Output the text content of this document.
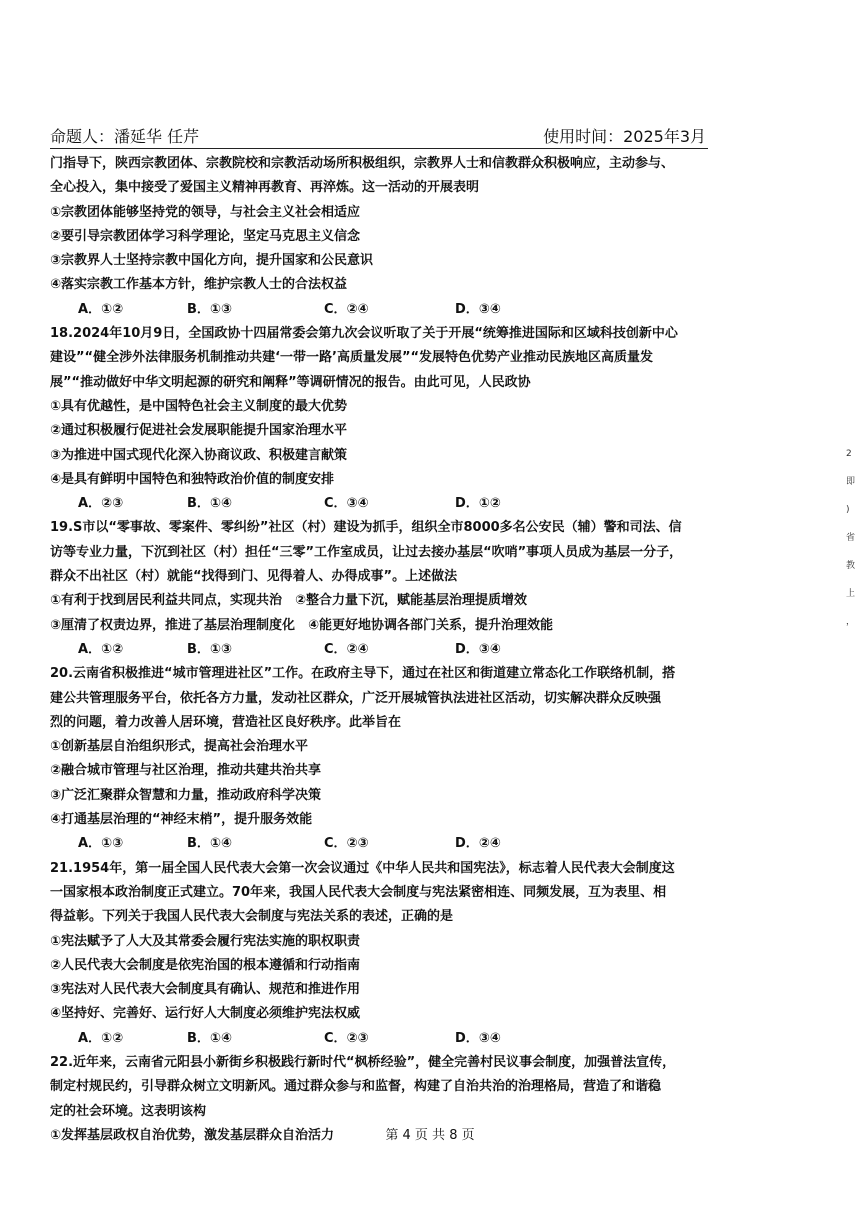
命题人：潘延华 任芹	使用时间：2025年3月

门指导下，陕西宗教团体、宗教院校和宗教活动场所积极组织，宗教界人士和信教群众积极响应，主动参与、

全心投入，集中接受了爱国主义精神再教育、再淬炼。这一活动的开展表明

①宗教团体能够坚持党的领导，与社会主义社会相适应

②要引导宗教团体学习科学理论，坚定马克思主义信念

③宗教界人士坚持宗教中国化方向，提升国家和公民意识

④落实宗教工作基本方针，维护宗教人士的合法权益

A．①②	B．①③	C．②④	D．③④

18.2024年10月9日，全国政协十四届常委会第九次会议听取了关于开展“统筹推进国际和区域科技创新中心

建设”“健全涉外法律服务机制推动共建‘一带一路’高质量发展”“发展特色优势产业推动民族地区高质量发

展”“推动做好中华文明起源的研究和阐释”等调研情况的报告。由此可见，人民政协

①具有优越性，是中国特色社会主义制度的最大优势

②通过积极履行促进社会发展职能提升国家治理水平

③为推进中国式现代化深入协商议政、积极建言献策

④是具有鲜明中国特色和独特政治价值的制度安排

A．②③	B．①④	C．③④	D．①②

19.S市以“零事故、零案件、零纠纷”社区（村）建设为抓手，组织全市8000多名公安民（辅）警和司法、信

访等专业力量，下沉到社区（村）担任“三零”工作室成员，让过去接办基层“吹哨”事项人员成为基层一分子，

群众不出社区（村）就能“找得到门、见得着人、办得成事”。上述做法

①有利于找到居民利益共同点，实现共治　②整合力量下沉，赋能基层治理提质增效

③厘清了权责边界，推进了基层治理制度化　④能更好地协调各部门关系，提升治理效能

A．①②	B．①③	C．②④	D．③④

20.云南省积极推进“城市管理进社区”工作。在政府主导下，通过在社区和街道建立常态化工作联络机制，搭

建公共管理服务平台，依托各方力量，发动社区群众，广泛开展城管执法进社区活动，切实解决群众反映强

烈的问题，着力改善人居环境，营造社区良好秩序。此举旨在

①创新基层自治组织形式，提高社会治理水平

②融合城市管理与社区治理，推动共建共治共享

③广泛汇聚群众智慧和力量，推动政府科学决策

④打通基层治理的“神经末梢”，提升服务效能

A．①③	B．①④	C．②③	D．②④

21.1954年，第一届全国人民代表大会第一次会议通过《中华人民共和国宪法》，标志着人民代表大会制度这

一国家根本政治制度正式建立。70年来，我国人民代表大会制度与宪法紧密相连、同频发展，互为表里、相

得益彰。下列关于我国人民代表大会制度与宪法关系的表述，正确的是

①宪法赋予了人大及其常委会履行宪法实施的职权职责

②人民代表大会制度是依宪治国的根本遵循和行动指南

③宪法对人民代表大会制度具有确认、规范和推进作用

④坚持好、完善好、运行好人大制度必须维护宪法权威

A．①②	B．①④	C．②③	D．③④

22.近年来，云南省元阳县小新街乡积极践行新时代“枫桥经验”，健全完善村民议事会制度，加强普法宣传，

制定村规民约，引导群众树立文明新风。通过群众参与和监督，构建了自治共治的治理格局，营造了和谐稳

定的社会环境。这表明该构

①发挥基层政权自治优势，激发基层群众自治活力	第 4 页 共 8 页
2
即
)
省
教
上
，
